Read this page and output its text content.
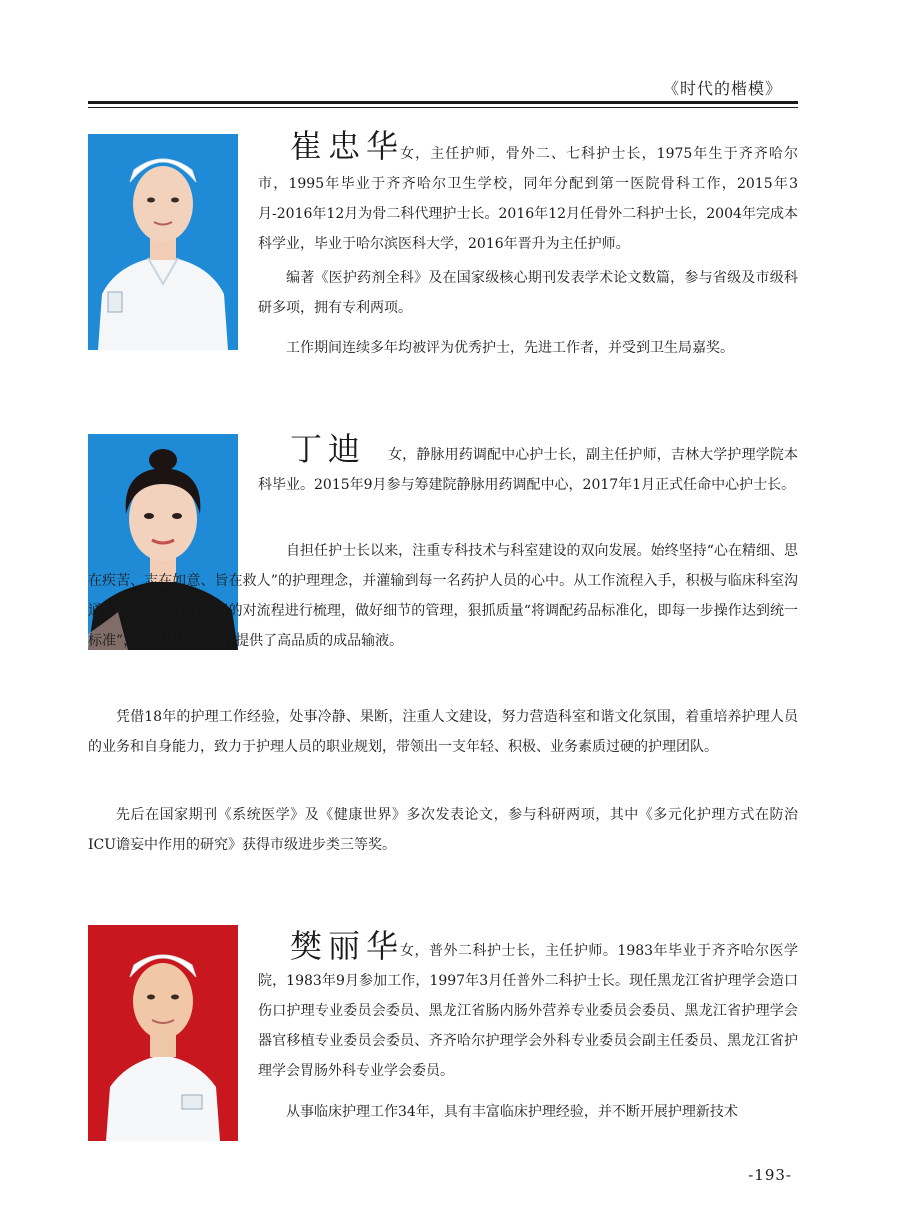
《时代的楷模》
崔忠华

女，主任护师，骨外二、七科护士长，1975年生于齐齐哈尔市，1995年毕业于齐齐哈尔卫生学校，同年分配到第一医院骨科工作，2015年3月-2016年12月为骨二科代理护士长。2016年12月任骨外二科护士长，2004年完成本科学业，毕业于哈尔滨医科大学，2016年晋升为主任护师。

编著《医护药剂全科》及在国家级核心期刊发表学术论文数篇，参与省级及市级科研多项，拥有专利两项。

工作期间连续多年均被评为优秀护士，先进工作者，并受到卫生局嘉奖。

丁迪	女，静脉用药调配中心护士长，副主任护师，吉林大学护理学院本科毕业。2015年9月参与筹建院静脉用药调配中心，2017年1月正式任命中心护士长。

自担任护士长以来，注重专科技术与科室建设的双向发展。始终坚持“心在精细、思在疾苦、志在如意、旨在救人”的护理理念，并灌输到每一名药护人员的心中。从工作流程入手，积极与临床科室沟通，根据实际工作情况的对流程进行梳理，做好细节的管理，狠抓质量“将调配药品标准化，即每一步操作达到统一标准”，为临床科室患者提供了高品质的成品输液。

凭借18年的护理工作经验，处事冷静、果断，注重人文建设，努力营造科室和谐文化氛围，着重培养护理人员的业务和自身能力，致力于护理人员的职业规划，带领出一支年轻、积极、业务素质过硬的护理团队。

先后在国家期刊《系统医学》及《健康世界》多次发表论文，参与科研两项，其中《多元化护理方式在防治ICU谵妄中作用的研究》获得市级进步类三等奖。

樊丽华

女，普外二科护士长，主任护师。1983年毕业于齐齐哈尔医学院，1983年9月参加工作，1997年3月任普外二科护士长。现任黑龙江省护理学会造口伤口护理专业委员会委员、黑龙江省肠内肠外营养专业委员会委员、黑龙江省护理学会器官移植专业委员会委员、齐齐哈尔护理学会外科专业委员会副主任委员、黑龙江省护理学会胃肠外科专业学会委员。

从事临床护理工作34年，具有丰富临床护理经验，并不断开展护理新技术

-193-
